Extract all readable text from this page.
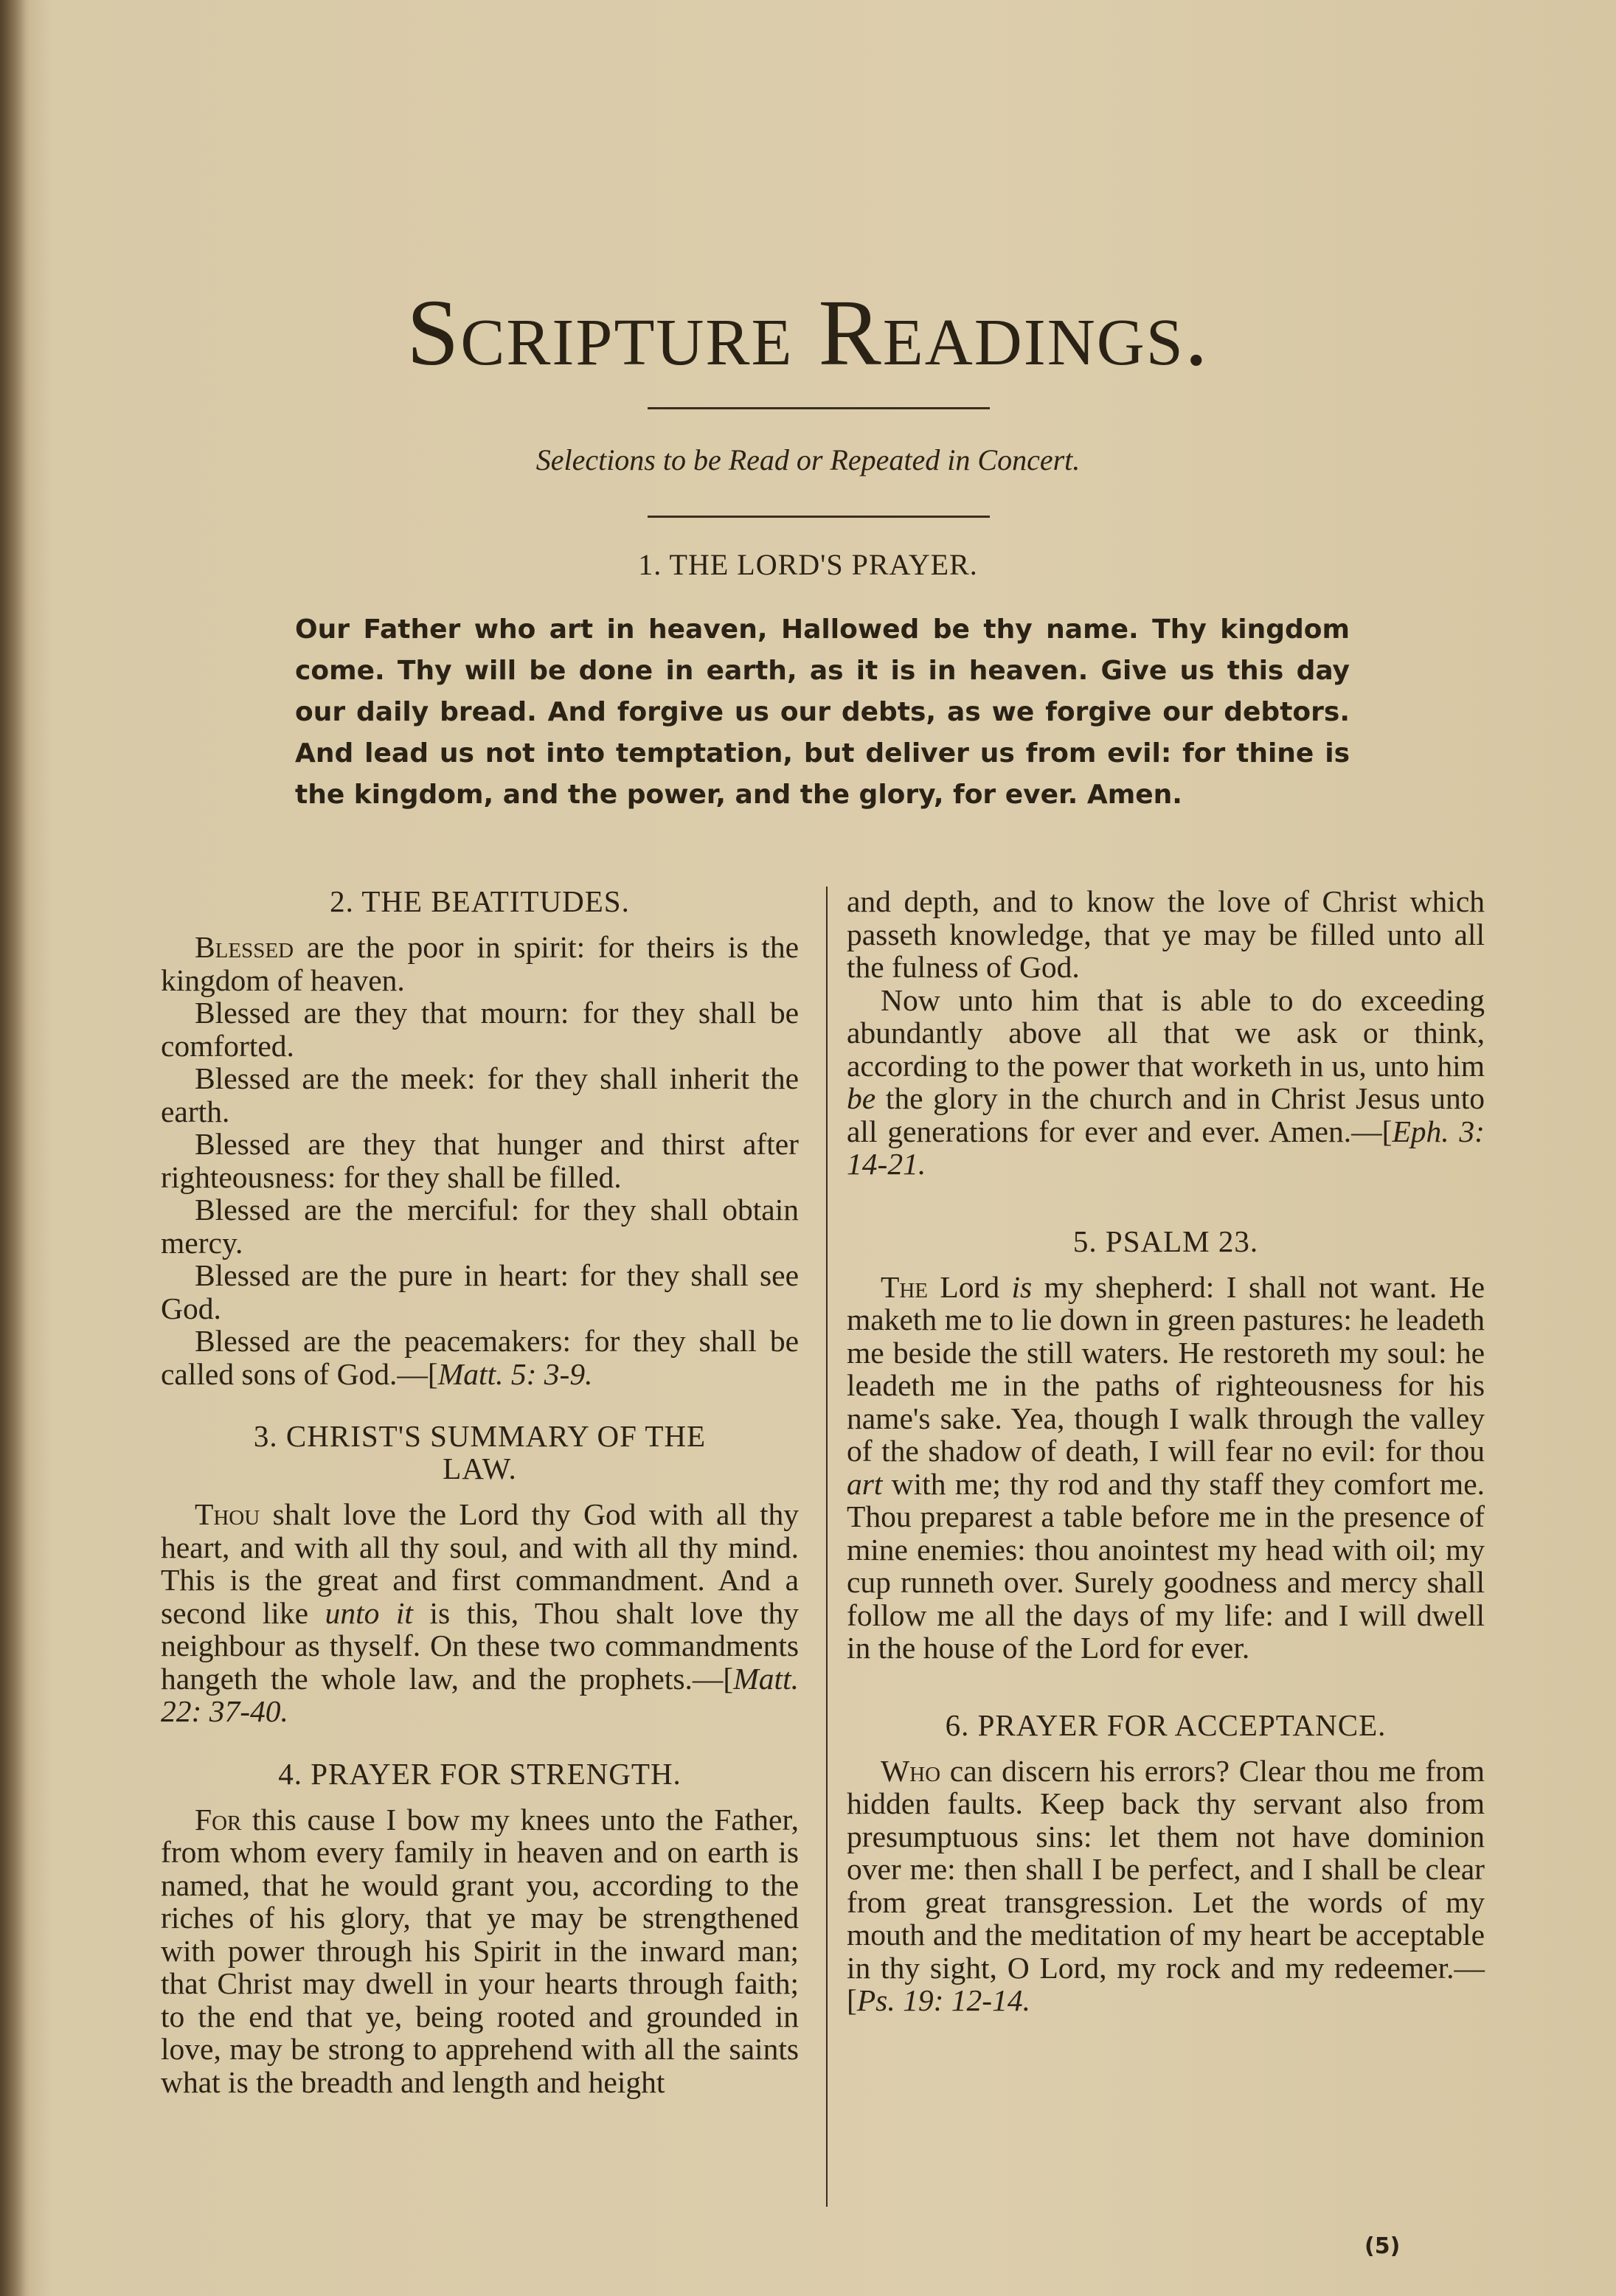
Scripture Readings.
Selections to be Read or Repeated in Concert.
1. THE LORD'S PRAYER.

Our Father who art in heaven, Hallowed be thy name. Thy kingdom come. Thy will be done in earth, as it is in heaven. Give us this day our daily bread. And forgive us our debts, as we forgive our debtors. And lead us not into temptation, but deliver us from evil: for thine is the kingdom, and the power, and the glory, for ever. Amen.

2. THE BEATITUDES.

Blessed are the poor in spirit: for theirs is the kingdom of heaven.

Blessed are they that mourn: for they shall be comforted.

Blessed are the meek: for they shall inherit the earth.

Blessed are they that hunger and thirst after righteousness: for they shall be filled.

Blessed are the merciful: for they shall obtain mercy.

Blessed are the pure in heart: for they shall see God.

Blessed are the peacemakers: for they shall be called sons of God.—[Matt. 5: 3-9.

3. CHRIST'S SUMMARY OF THE
LAW.

Thou shalt love the Lord thy God with all thy heart, and with all thy soul, and with all thy mind. This is the great and first commandment. And a second like unto it is this, Thou shalt love thy neighbour as thyself. On these two commandments hangeth the whole law, and the prophets.—[Matt. 22: 37-40.

4. PRAYER FOR STRENGTH.

For this cause I bow my knees unto the Father, from whom every family in heaven and on earth is named, that he would grant you, according to the riches of his glory, that ye may be strengthened with power through his Spirit in the inward man; that Christ may dwell in your hearts through faith; to the end that ye, being rooted and grounded in love, may be strong to apprehend with all the saints what is the breadth and length and height

and depth, and to know the love of Christ which passeth knowledge, that ye may be filled unto all the fulness of God.

Now unto him that is able to do exceeding abundantly above all that we ask or think, according to the power that worketh in us, unto him be the glory in the church and in Christ Jesus unto all generations for ever and ever. Amen.—[Eph. 3: 14-21.

5. PSALM 23.

The Lord is my shepherd: I shall not want. He maketh me to lie down in green pastures: he leadeth me beside the still waters. He restoreth my soul: he leadeth me in the paths of righteousness for his name's sake. Yea, though I walk through the valley of the shadow of death, I will fear no evil: for thou art with me; thy rod and thy staff they comfort me. Thou preparest a table before me in the presence of mine enemies: thou anointest my head with oil; my cup runneth over. Surely goodness and mercy shall follow me all the days of my life: and I will dwell in the house of the Lord for ever.

6. PRAYER FOR ACCEPTANCE.

Who can discern his errors? Clear thou me from hidden faults. Keep back thy servant also from presumptuous sins: let them not have dominion over me: then shall I be perfect, and I shall be clear from great transgression. Let the words of my mouth and the meditation of my heart be acceptable in thy sight, O Lord, my rock and my redeemer.—[Ps. 19: 12-14.

(5)
